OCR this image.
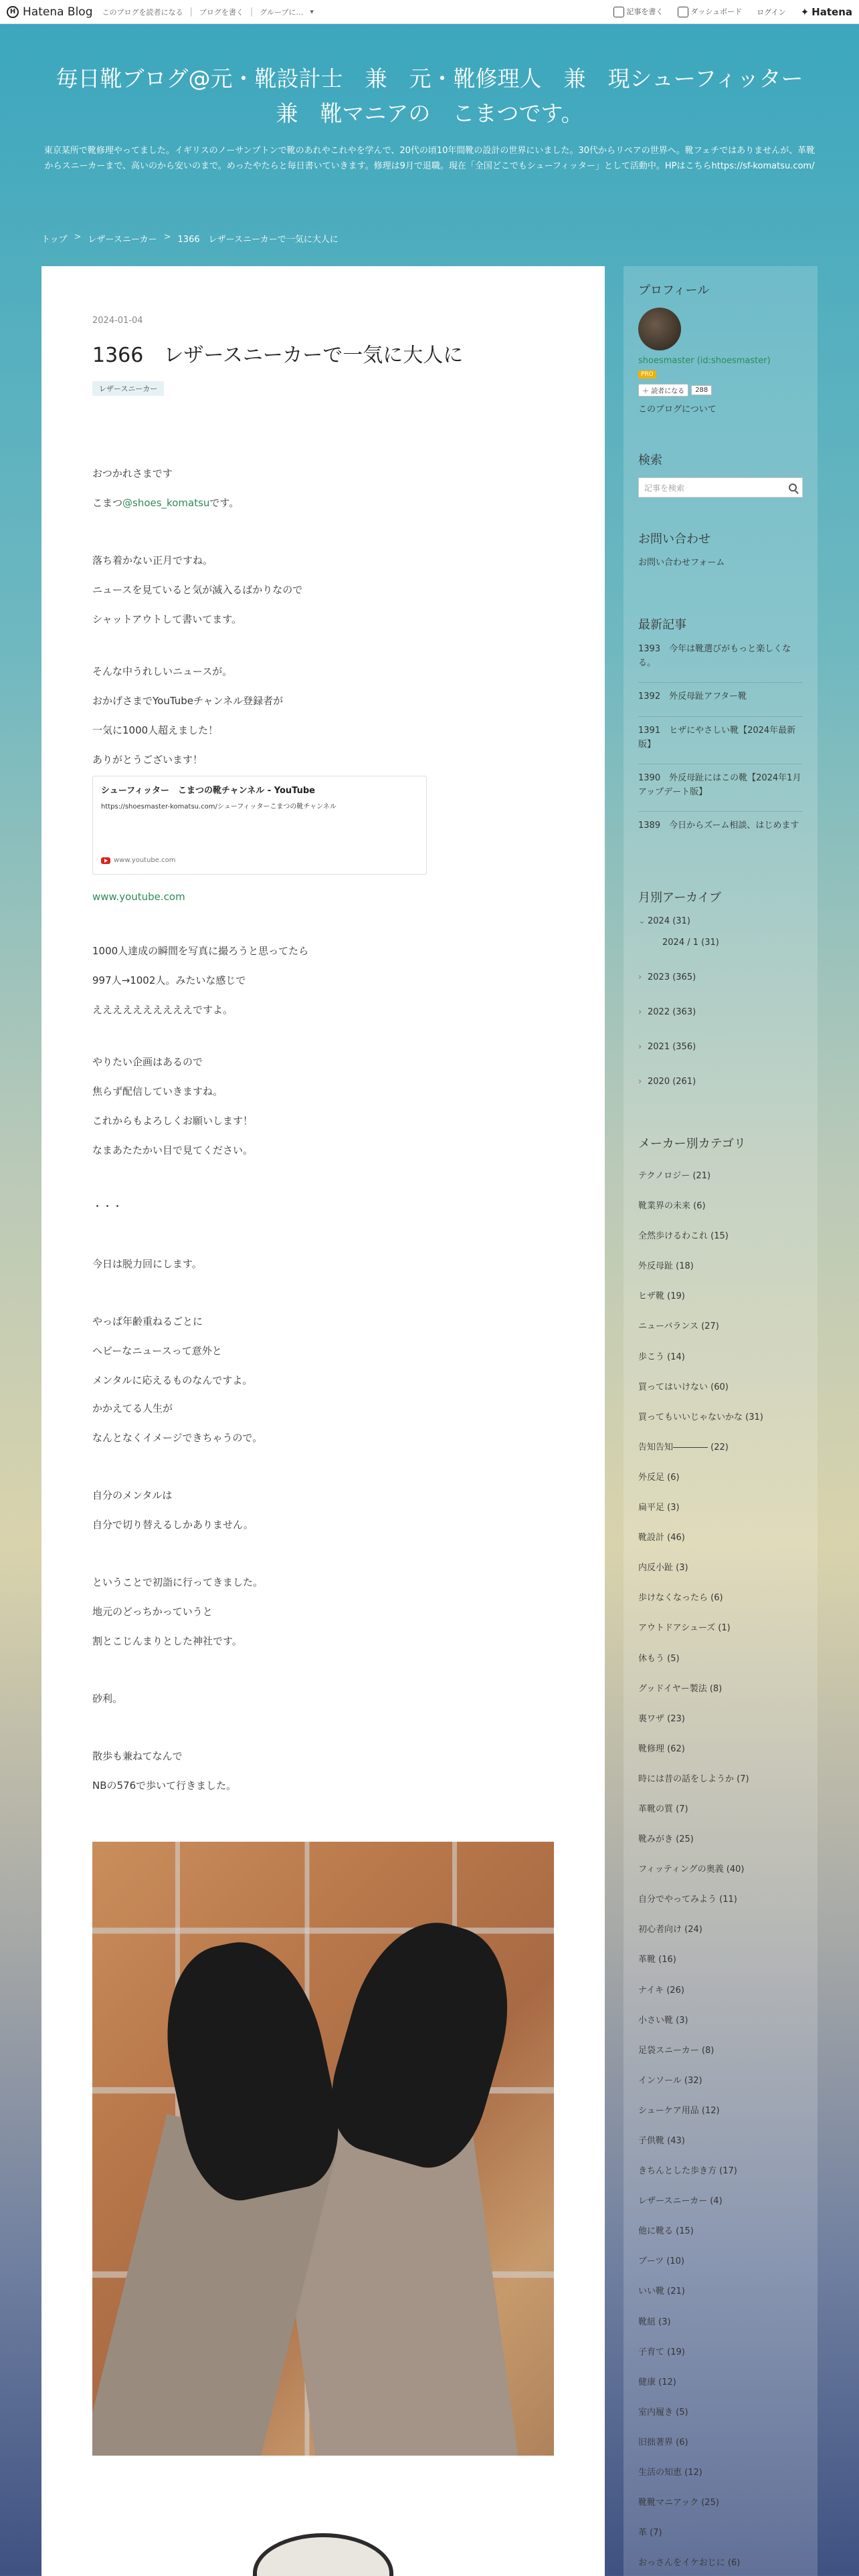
H Hatena Blog このブログを読者になる | ブログを書く | グループに… ▾	記事を書く	ダッシュボード ログイン ✦ Hatena
毎日靴ブログ@元・靴設計士　兼　元・靴修理人　兼　現シューフィッター　兼　靴マニアの　こまつです。

東京某所で靴修理やってました。イギリスのノーサンプトンで靴のあれやこれやを学んで、20代の頃10年間靴の設計の世界にいました。30代からリペアの世界へ。靴フェチではありませんが、革靴からスニーカーまで、高いのから安いのまで。めったやたらと毎日書いていきます。修理は9月で退職。現在「全国どこでもシューフィッター」として活動中。HPはこちらhttps://sf-komatsu.com/

トップ > レザースニーカー > 1366　レザースニーカーで一気に大人に
2024-01-04
1366　レザースニーカーで一気に大人に
レザースニーカー

おつかれさまです

こまつ@shoes_komatsuです。

落ち着かない正月ですね。

ニュースを見ていると気が滅入るばかりなので

シャットアウトして書いてます。

そんな中うれしいニュースが。

おかげさまでYouTubeチャンネル登録者が

一気に1000人超えました！

ありがとうございます！

シューフィッター　こまつの靴チャンネル - YouTube
https://shoesmaster-komatsu.com/シューフィッターこまつの靴チャンネル
www.youtube.com
www.youtube.com

1000人達成の瞬間を写真に撮ろうと思ってたら

997人→1002人。みたいな感じで

ええええええええええですよ。

やりたい企画はあるので

焦らず配信していきますね。

これからもよろしくお願いします！

なまあたたかい目で見てください。

・・・

今日は脱力回にします。

やっぱ年齢重ねるごとに

ヘビーなニュースって意外と

メンタルに応えるものなんですよ。

かかえてる人生が

なんとなくイメージできちゃうので。

自分のメンタルは

自分で切り替えるしかありません。

ということで初詣に行ってきました。

地元のどっちかっていうと

割とこじんまりとした神社です。

砂利。

散歩も兼ねてなんで

NBの576で歩いて行きました。

プロフィール
shoesmaster (id:shoesmaster)
PRO
＋ 読者になる	288
このブログについて
検索
記事を検索
お問い合わせ
お問い合わせフォーム
最新記事
1393　今年は靴選びがもっと楽しくなる。
1392　外反母趾アフター靴
1391　ヒザにやさしい靴【2024年最新版】
1390　外反母趾にはこの靴【2024年1月アップデート版】
1389　今日からズーム相談、はじめます
月別アーカイブ
⌄ 2024 (31)
2024 / 1 (31)
› 2023 (365)
› 2022 (363)
› 2021 (356)
› 2020 (261)
メーカー別カテゴリ
テクノロジー (21)
靴業界の未来 (6)
全然歩けるわこれ (15)
外反母趾 (18)
ヒザ靴 (19)
ニューバランス (27)
歩こう (14)
買ってはいけない (60)
買ってもいいじゃないかな (31)
告知告知―――― (22)
外反足 (6)
扁平足 (3)
靴設計 (46)
内反小趾 (3)
歩けなくなったら (6)
アウトドアシューズ (1)
休もう (5)
グッドイヤー製法 (8)
裏ワザ (23)
靴修理 (62)
時には昔の話をしようか (7)
革靴の質 (7)
靴みがき (25)
フィッティングの奥義 (40)
自分でやってみよう (11)
初心者向け (24)
革靴 (16)
ナイキ (26)
小さい靴 (3)
足袋スニーカー (8)
インソール (32)
シューケア用品 (12)
子供靴 (43)
きちんとした歩き方 (17)
レザースニーカー (4)
他に靴る (15)
ブーツ (10)
いい靴 (21)
靴紐 (3)
子育て (19)
健康 (12)
室内履き (5)
旧拙著界 (6)
生活の知恵 (12)
靴靴マニアック (25)
革 (7)
おっさんをイケおじに (6)
